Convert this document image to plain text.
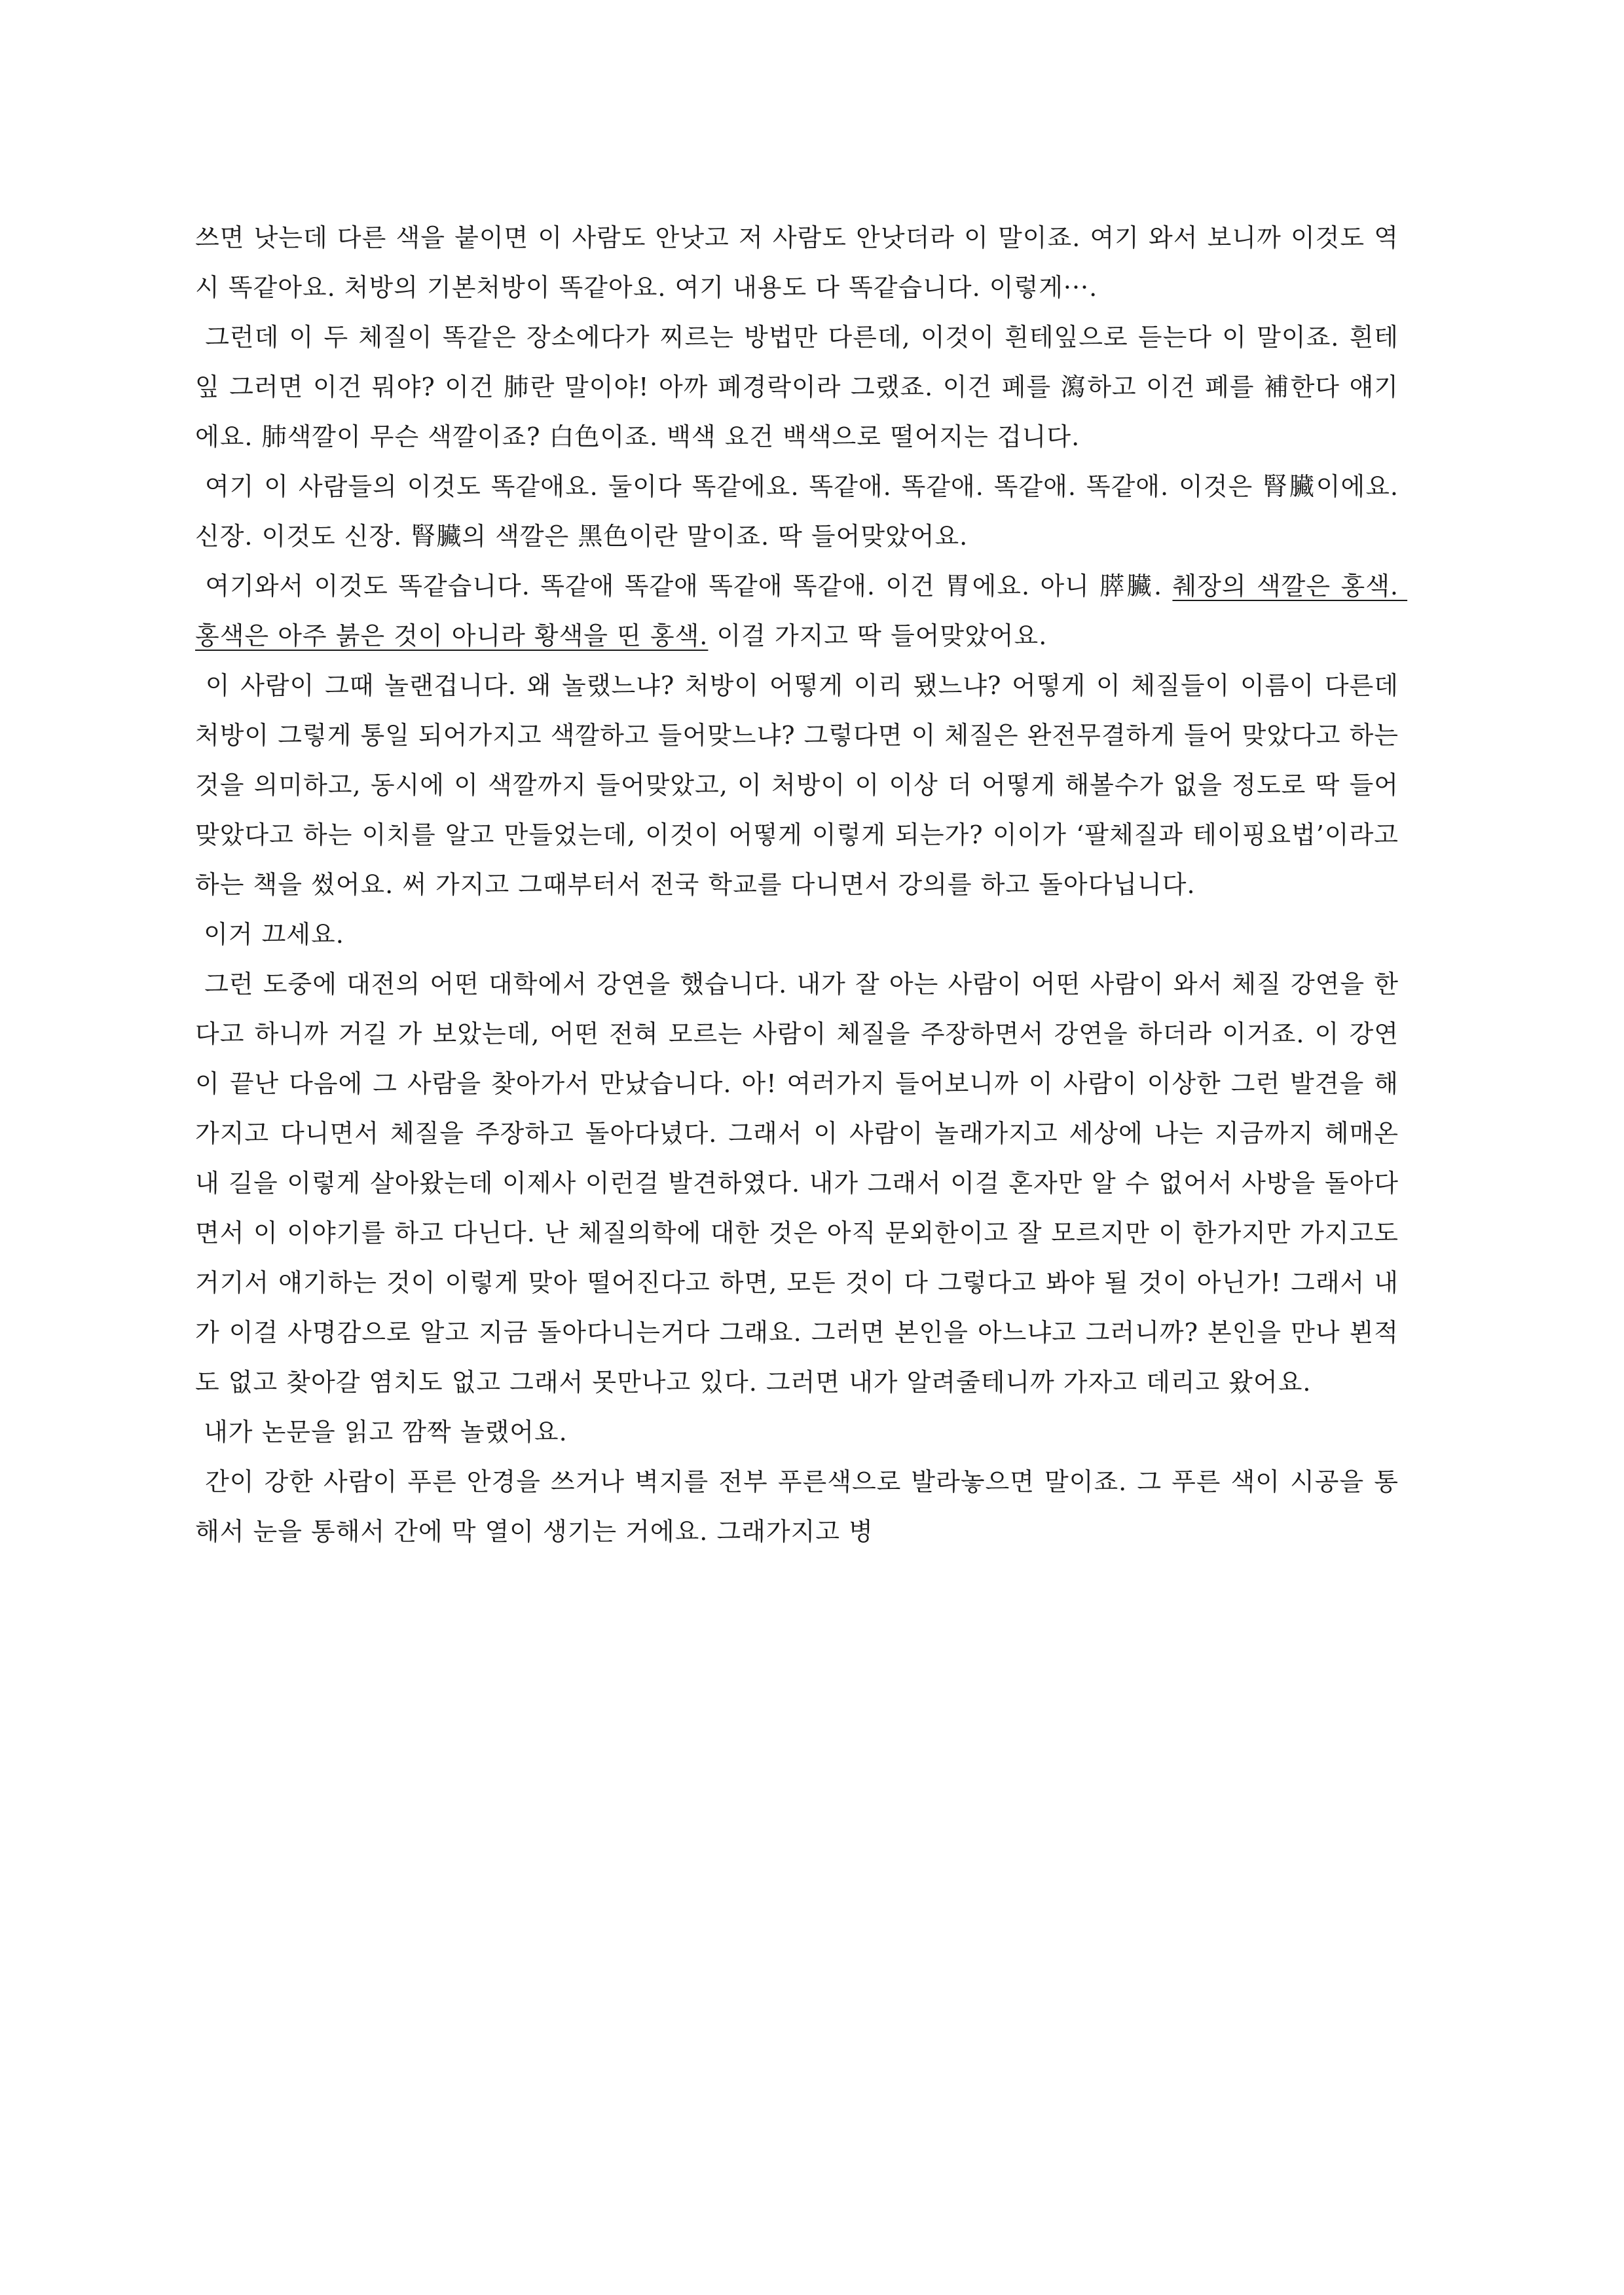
쓰면 낫는데 다른 색을 붙이면 이 사람도 안낫고 저 사람도 안낫더라 이 말이죠. 여기 와서 보니까 이것도 역시 똑같아요. 처방의 기본처방이 똑같아요. 여기 내용도 다 똑같습니다. 이렇게···.

그런데 이 두 체질이 똑같은 장소에다가 찌르는 방법만 다른데, 이것이 흰테잎으로 듣는다 이 말이죠. 흰테잎 그러면 이건 뭐야? 이건 肺란 말이야! 아까 폐경락이라 그랬죠. 이건 폐를 瀉하고 이건 폐를 補한다 얘기에요. 肺색깔이 무슨 색깔이죠? 白色이죠. 백색 요건 백색으로 떨어지는 겁니다.

여기 이 사람들의 이것도 똑같애요. 둘이다 똑같에요. 똑같애. 똑같애. 똑같애. 똑같애. 이것은 腎臟이에요. 신장. 이것도 신장. 腎臟의 색깔은 黑色이란 말이죠. 딱 들어맞았어요.

여기와서 이것도 똑같습니다. 똑같애 똑같애 똑같애 똑같애. 이건 胃에요. 아니 膵臟. 췌장의 색깔은 홍색. 홍색은 아주 붉은 것이 아니라 황색을 띤 홍색. 이걸 가지고 딱 들어맞았어요.

이 사람이 그때 놀랜겁니다. 왜 놀랬느냐? 처방이 어떻게 이리 됐느냐? 어떻게 이 체질들이 이름이 다른데 처방이 그렇게 통일 되어가지고 색깔하고 들어맞느냐? 그렇다면 이 체질은 완전무결하게 들어 맞았다고 하는것을 의미하고, 동시에 이 색깔까지 들어맞았고, 이 처방이 이 이상 더 어떻게 해볼수가 없을 정도로 딱 들어맞았다고 하는 이치를 알고 만들었는데, 이것이 어떻게 이렇게 되는가? 이이가 ‘팔체질과 테이핑요법’이라고 하는 책을 썼어요. 써 가지고 그때부터서 전국 학교를 다니면서 강의를 하고 돌아다닙니다.

이거 끄세요.

그런 도중에 대전의 어떤 대학에서 강연을 했습니다. 내가 잘 아는 사람이 어떤 사람이 와서 체질 강연을 한다고 하니까 거길 가 보았는데, 어떤 전혀 모르는 사람이 체질을 주장하면서 강연을 하더라 이거죠. 이 강연이 끝난 다음에 그 사람을 찾아가서 만났습니다. 아! 여러가지 들어보니까 이 사람이 이상한 그런 발견을 해가지고 다니면서 체질을 주장하고 돌아다녔다. 그래서 이 사람이 놀래가지고 세상에 나는 지금까지 헤매온 내 길을 이렇게 살아왔는데 이제사 이런걸 발견하였다. 내가 그래서 이걸 혼자만 알 수 없어서 사방을 돌아다면서 이 이야기를 하고 다닌다. 난 체질의학에 대한 것은 아직 문외한이고 잘 모르지만 이 한가지만 가지고도 거기서 얘기하는 것이 이렇게 맞아 떨어진다고 하면, 모든 것이 다 그렇다고 봐야 될 것이 아닌가! 그래서 내가 이걸 사명감으로 알고 지금 돌아다니는거다 그래요. 그러면 본인을 아느냐고 그러니까? 본인을 만나 뵌적도 없고 찾아갈 염치도 없고 그래서 못만나고 있다. 그러면 내가 알려줄테니까 가자고 데리고 왔어요.

내가 논문을 읽고 깜짝 놀랬어요.

간이 강한 사람이 푸른 안경을 쓰거나 벽지를 전부 푸른색으로 발라놓으면 말이죠. 그 푸른 색이 시공을 통해서 눈을 통해서 간에 막 열이 생기는 거에요. 그래가지고 병
